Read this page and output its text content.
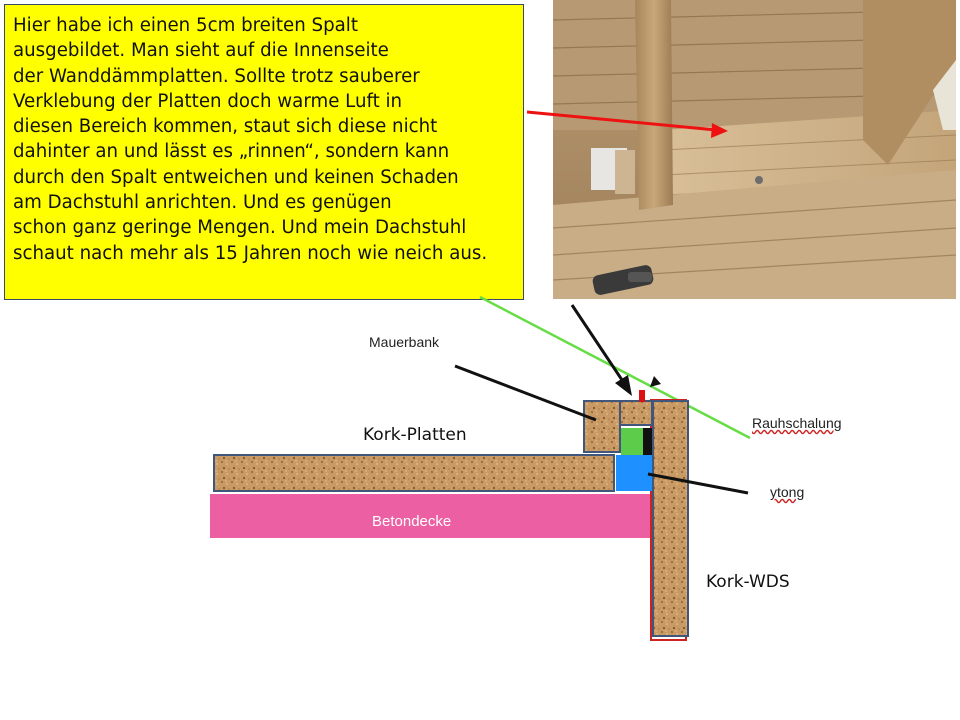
Hier habe ich einen 5cm breiten Spalt
ausgebildet. Man sieht auf die Innenseite
der Wanddämmplatten. Sollte trotz sauberer
Verklebung der Platten doch warme Luft in
diesen Bereich kommen, staut sich diese nicht
dahinter an und lässt es „rinnen“, sondern kann
durch den Spalt entweichen und keinen Schaden
am Dachstuhl anrichten. Und es genügen
schon ganz geringe Mengen. Und mein Dachstuhl
schaut nach mehr als 15 Jahren noch wie neich aus.
Mauerbank
Rauhschalung
Kork-Platten
ytong
Betondecke
Kork-WDS
